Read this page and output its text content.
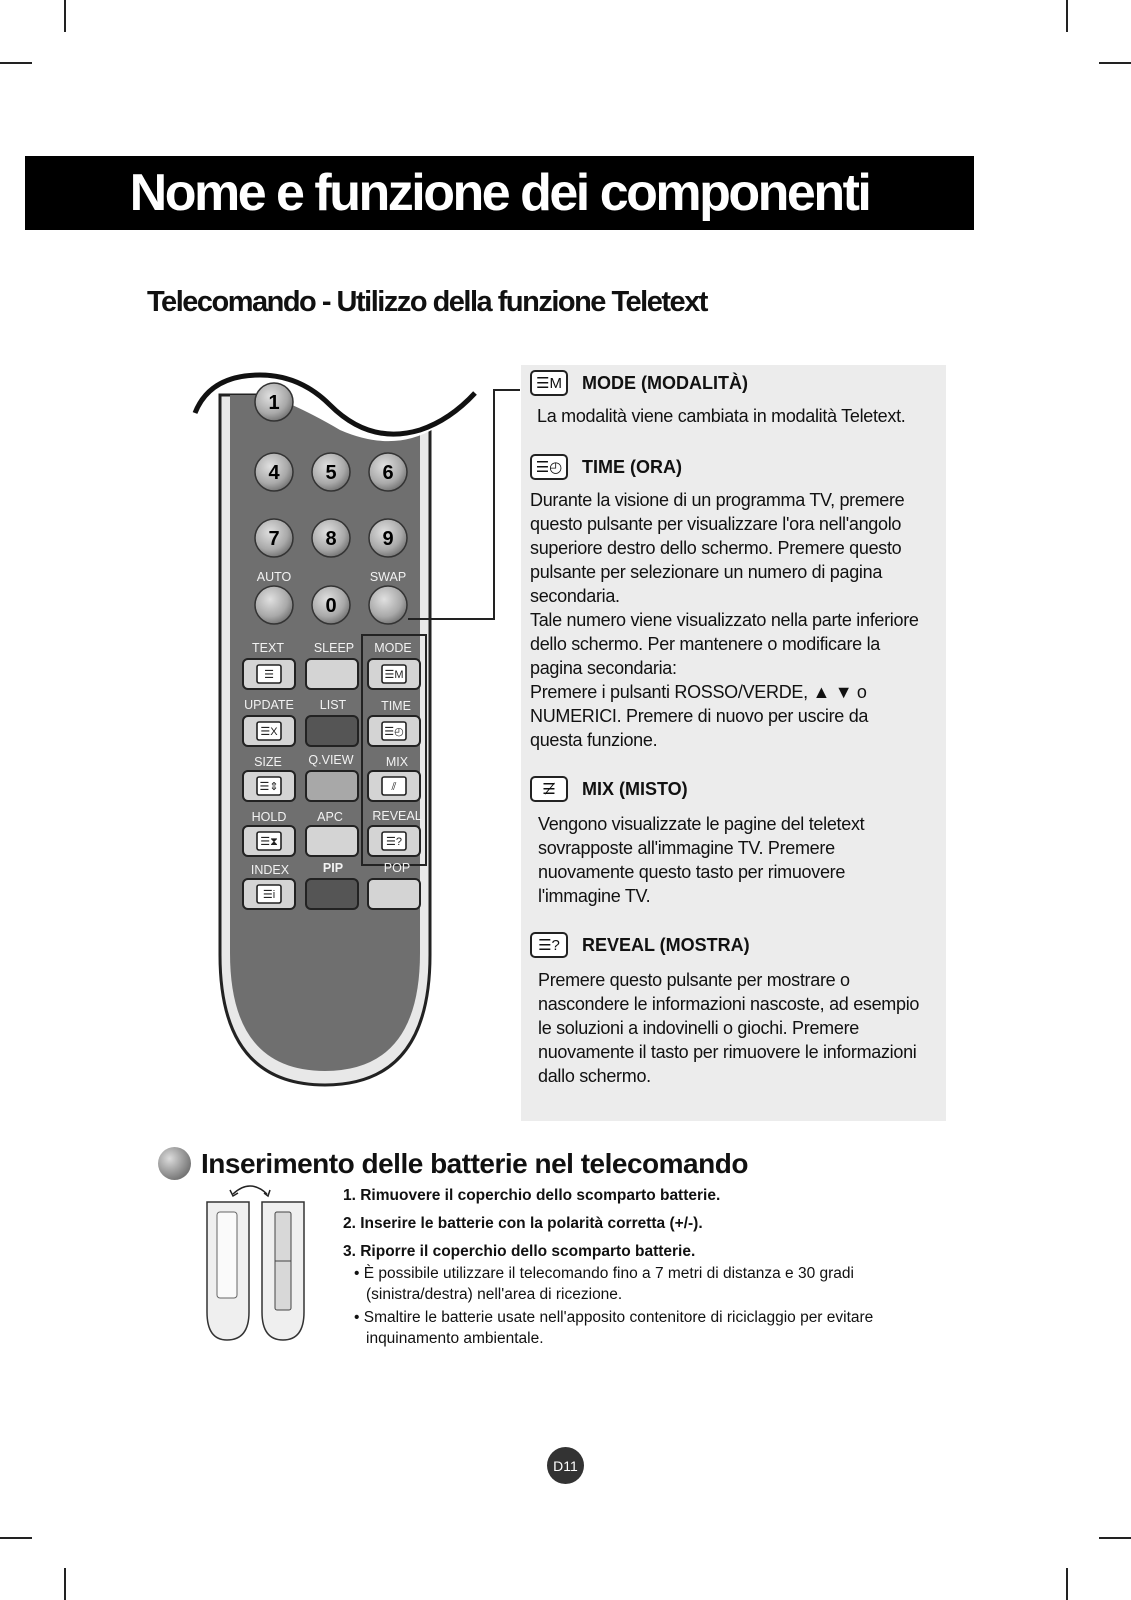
Nome e funzione dei componenti
Telecomando - Utilizzo della funzione Teletext
1
4 5 6
7 8 9
AUTO	SWAP
0
TEXT SLEEP MODE
UPDATE LIST	TIME
SIZE Q.VIEW	MIX
HOLD APC REVEAL
INDEX	PIP	POP
☰	☰M
☰X	☰◴
☰⇕	⫽
☰⧗	☰?
☰i
☰M	MODE (MODALITÀ)

La modalità viene cambiata in modalità Teletext.

☰◴	TIME (ORA)

Durante la visione di un programma TV, premere
questo pulsante per visualizzare l'ora nell'angolo
superiore destro dello schermo. Premere questo
pulsante per selezionare un numero di pagina
secondaria.
Tale numero viene visualizzato nella parte inferiore
dello schermo. Per mantenere o modificare la
pagina secondaria:
Premere i pulsanti ROSSO/VERDE, ▲ ▼ o
NUMERICI. Premere di nuovo per uscire da
questa funzione.

☰̸	MIX (MISTO)

Vengono visualizzate le pagine del teletext
sovrapposte all'immagine TV. Premere
nuovamente questo tasto per rimuovere
l'immagine TV.

☰?	REVEAL (MOSTRA)

Premere questo pulsante per mostrare o
nascondere le informazioni nascoste, ad esempio
le soluzioni a indovinelli o giochi. Premere
nuovamente il tasto per rimuovere le informazioni
dallo schermo.

Inserimento delle batterie nel telecomando

1. Rimuovere il coperchio dello scomparto batterie.

2. Inserire le batterie con la polarità corretta (+/-).

3. Riporre il coperchio dello scomparto batterie.

• È possibile utilizzare il telecomando fino a 7 metri di distanza e 30 gradi (sinistra/destra) nell'area di ricezione.

• Smaltire le batterie usate nell'apposito contenitore di riciclaggio per evitare inquinamento ambientale.

D11
